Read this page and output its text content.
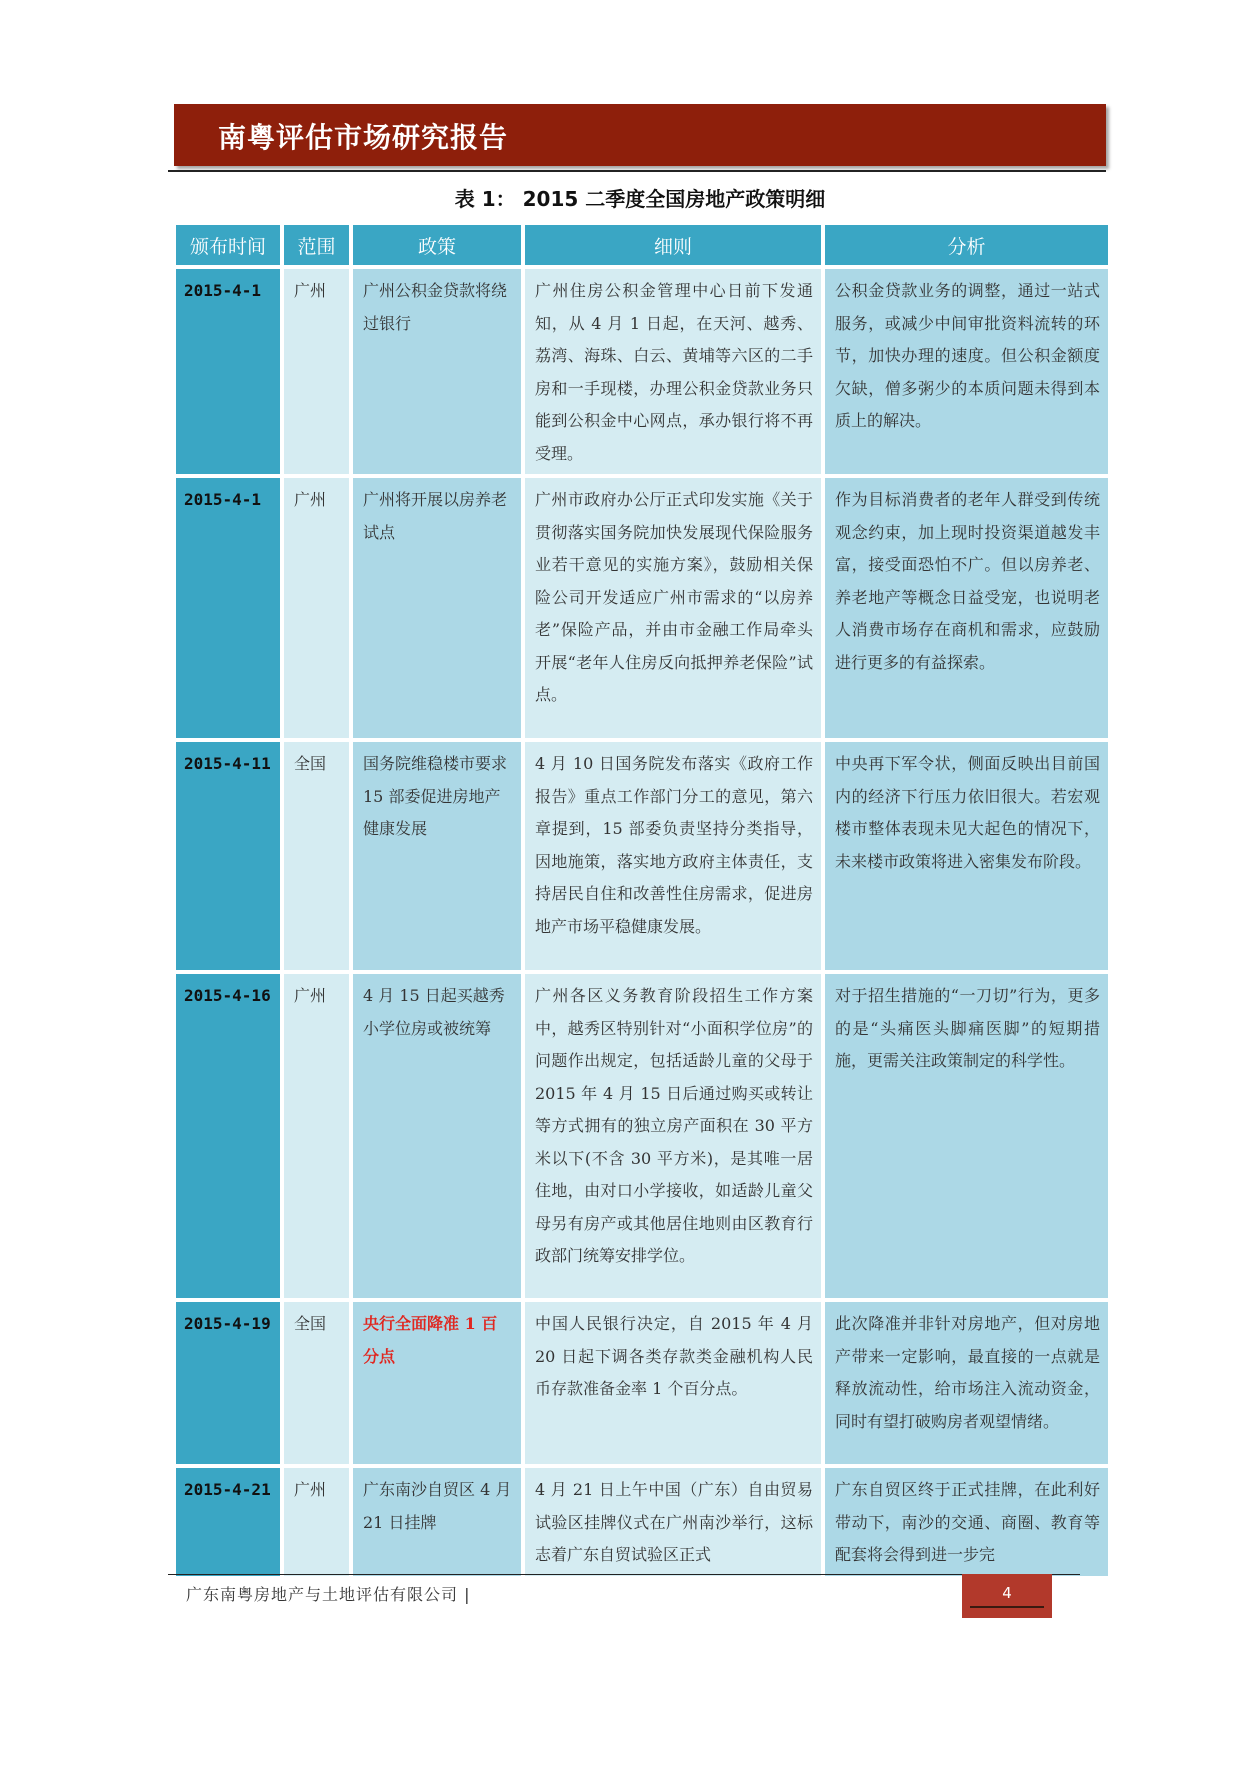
南粤评估市场研究报告
表 1： 2015 二季度全国房地产政策明细
颁布时间	范围	政策	细则	分析
2015-4-1	广州	广州公积金贷款将绕过银行	广州住房公积金管理中心日前下发通知，从 4 月 1 日起，在天河、越秀、荔湾、海珠、白云、黄埔等六区的二手房和一手现楼，办理公积金贷款业务只能到公积金中心网点，承办银行将不再受理。	公积金贷款业务的调整，通过一站式服务，或减少中间审批资料流转的环节，加快办理的速度。但公积金额度欠缺，僧多粥少的本质问题未得到本质上的解决。
2015-4-1	广州	广州将开展以房养老试点	广州市政府办公厅正式印发实施《关于贯彻落实国务院加快发展现代保险服务业若干意见的实施方案》，鼓励相关保险公司开发适应广州市需求的“以房养老”保险产品，并由市金融工作局牵头开展“老年人住房反向抵押养老保险”试点。	作为目标消费者的老年人群受到传统观念约束，加上现时投资渠道越发丰富，接受面恐怕不广。但以房养老、养老地产等概念日益受宠，也说明老人消费市场存在商机和需求，应鼓励进行更多的有益探索。
2015-4-11	全国	国务院维稳楼市要求 15 部委促进房地产健康发展	4 月 10 日国务院发布落实《政府工作报告》重点工作部门分工的意见，第六章提到，15 部委负责坚持分类指导，因地施策，落实地方政府主体责任，支持居民自住和改善性住房需求，促进房地产市场平稳健康发展。	中央再下军令状，侧面反映出目前国内的经济下行压力依旧很大。若宏观楼市整体表现未见大起色的情况下，未来楼市政策将进入密集发布阶段。
2015-4-16	广州	4 月 15 日起买越秀小学位房或被统筹	广州各区义务教育阶段招生工作方案中，越秀区特别针对“小面积学位房”的问题作出规定，包括适龄儿童的父母于 2015 年 4 月 15 日后通过购买或转让等方式拥有的独立房产面积在 30 平方米以下(不含 30 平方米)，是其唯一居住地，由对口小学接收，如适龄儿童父母另有房产或其他居住地则由区教育行政部门统筹安排学位。	对于招生措施的“一刀切”行为，更多的是“头痛医头脚痛医脚”的短期措施，更需关注政策制定的科学性。
2015-4-19	全国	央行全面降准 1 百分点	中国人民银行决定，自 2015 年 4 月 20 日起下调各类存款类金融机构人民币存款准备金率 1 个百分点。	此次降准并非针对房地产，但对房地产带来一定影响，最直接的一点就是释放流动性，给市场注入流动资金，同时有望打破购房者观望情绪。
2015-4-21	广州	广东南沙自贸区 4 月 21 日挂牌	4 月 21 日上午中国（广东）自由贸易试验区挂牌仪式在广州南沙举行，这标志着广东自贸试验区正式	广东自贸区终于正式挂牌，在此利好带动下，南沙的交通、商圈、教育等配套将会得到进一步完
广东南粤房地产与土地评估有限公司 |	4
